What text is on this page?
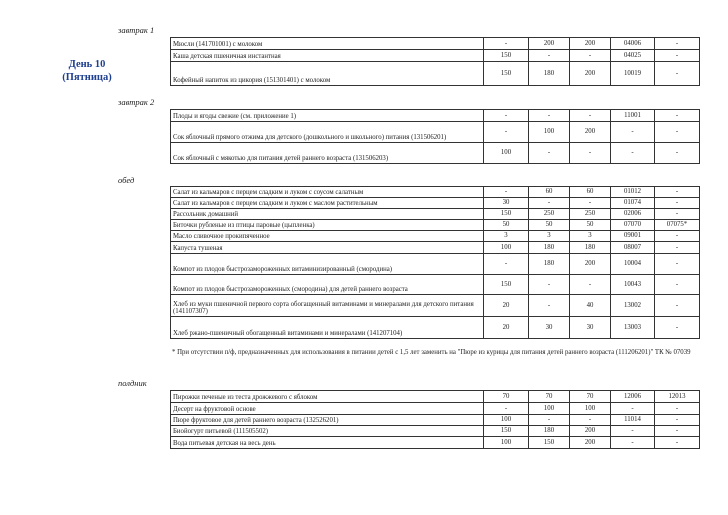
День 10
(Пятница)
завтрак 1
завтрак 2
обед
полдник
Мюсли (141701001) с молоком	-	200	200	04006	-
Каша детская пшеничная инстантная	150	-	-	04025	-
Кофейный напиток из цикория (151301401) с молоком	150	180	200	10019	-
Плоды и ягоды свежие (см. приложение 1)	-	-	-	11001	-
Сок яблочный прямого отжима для детского (дошкольного и школьного) питания (131506201)	-	100	200	-	-
Сок яблочный с мякотью для питания детей раннего возраста (131506203)	100	-	-	-	-
Салат из кальмаров с перцем сладким и луком с соусом салатным	-	60	60	01012	-
Салат из кальмаров с перцем сладким и луком с маслом растительным	30	-	-	01074	-
Рассольник домашний	150	250	250	02006	-
Биточки рубленые из птицы паровые (цыпленка)	50	50	50	07070	07075*
Масло сливочное прокипяченное	3	3	3	09001	-
Капуста тушеная	100	180	180	08007	-
Компот из плодов быстрозамороженных витаминизированный (смородина)	-	180	200	10004	-
Компот из плодов быстрозамороженных (смородина) для детей раннего возраста	150	-	-	10043	-
Хлеб из муки пшеничной первого сорта обогащенный витаминами и минералами для детского питания (141107307)	20	-	40	13002	-
Хлеб ржано-пшеничный обогащенный витаминами и минералами (141207104)	20	30	30	13003	-
* При отсутствии п/ф, предназначенных для использования в питании детей с 1,5 лет заменить на "Пюре из курицы для питания детей раннего возраста (111206201)" ТК № 07039
Пирожки печеные из теста дрожжевого с яблоком	70	70	70	12006	12013
Десерт на фруктовой основе	-	100	100	-	-
Пюре фруктовое для детей раннего возраста (132526201)	100	-	-	11014	-
Биойогурт питьевой (111505502)	150	180	200	-	-
Вода питьевая детская на весь день	100	150	200	-	-
